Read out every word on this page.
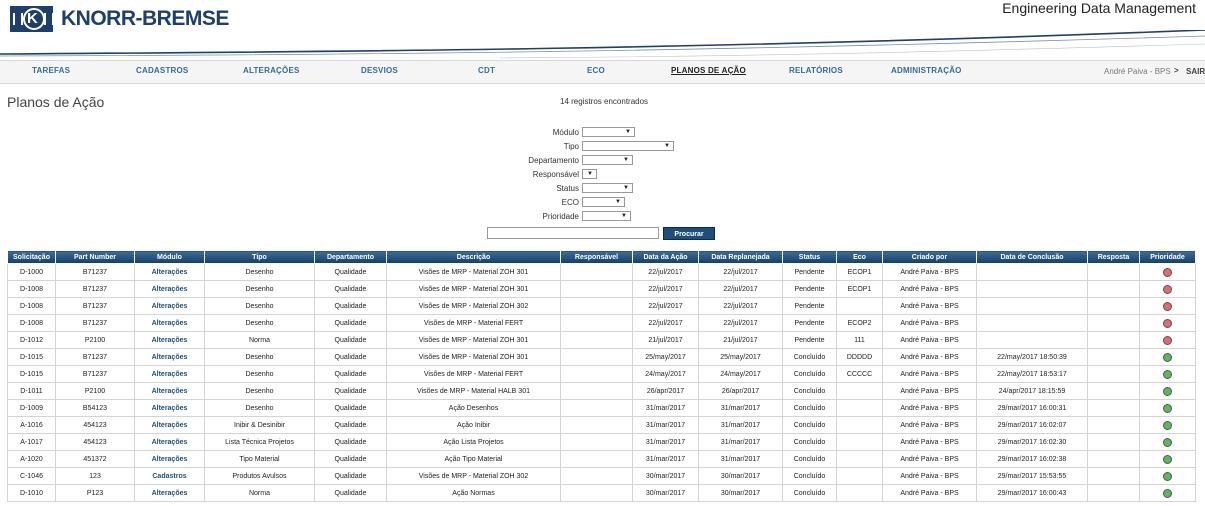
K KNORR-BREMSE	Engineering Data Management
TAREFAS	CADASTROS	ALTERAÇÕES	DESVIOS	CDT	ECO	PLANOS DE AÇÃO	RELATÓRIOS	ADMINISTRAÇÃO	André Paiva - BPS > SAIR
Planos de Ação	14 registros encontrados
Módulo	▼
Tipo	▼
Departamento	▼
Responsável ▼
Status	▼
ECO	▼
Prioridade	▼
Procurar
Solicitação	Part Number	Módulo	Tipo	Departamento	Descrição	Responsável	Data da Ação	Data Replanejada	Status	Eco	Criado por	Data de Conclusão	Resposta	Prioridade
D-1000	B71237	Alterações	Desenho	Qualidade	Visões de MRP - Material ZOH 301		22/jul/2017	22/jul/2017	Pendente	ECOP1	André Paiva - BPS			
D-1008	B71237	Alterações	Desenho	Qualidade	Visões de MRP - Material ZOH 301		22/jul/2017	22/jul/2017	Pendente	ECOP1	André Paiva - BPS			
D-1008	B71237	Alterações	Desenho	Qualidade	Visões de MRP - Material ZOH 302		22/jul/2017	22/jul/2017	Pendente		André Paiva - BPS			
D-1008	B71237	Alterações	Desenho	Qualidade	Visões de MRP - Material FERT		22/jul/2017	22/jul/2017	Pendente	ECOP2	André Paiva - BPS			
D-1012	P2100	Alterações	Norma	Qualidade	Visões de MRP - Material ZOH 301		21/jul/2017	21/jul/2017	Pendente	111	André Paiva - BPS			
D-1015	B71237	Alterações	Desenho	Qualidade	Visões de MRP - Material ZOH 301		25/may/2017	25/may/2017	Concluído	DDDDD	André Paiva - BPS	22/may/2017 18:50:39		
D-1015	B71237	Alterações	Desenho	Qualidade	Visões de MRP - Material FERT		24/may/2017	24/may/2017	Concluído	CCCCC	André Paiva - BPS	22/may/2017 18:53:17		
D-1011	P2100	Alterações	Desenho	Qualidade	Visões de MRP - Material HALB 301		26/apr/2017	26/apr/2017	Concluído		André Paiva - BPS	24/apr/2017 18:15:59		
D-1009	B54123	Alterações	Desenho	Qualidade	Ação Desenhos		31/mar/2017	31/mar/2017	Concluído		André Paiva - BPS	29/mar/2017 16:00:31		
A-1016	454123	Alterações	Inibir & Desinibir	Qualidade	Ação Inibir		31/mar/2017	31/mar/2017	Concluído		André Paiva - BPS	29/mar/2017 16:02:07		
A-1017	454123	Alterações	Lista Técnica Projetos	Qualidade	Ação Lista Projetos		31/mar/2017	31/mar/2017	Concluído		André Paiva - BPS	29/mar/2017 16:02:30		
A-1020	451372	Alterações	Tipo Material	Qualidade	Ação Tipo Material		31/mar/2017	31/mar/2017	Concluído		André Paiva - BPS	29/mar/2017 16:02:38		
C-1046	123	Cadastros	Produtos Avulsos	Qualidade	Visões de MRP - Material ZOH 302		30/mar/2017	30/mar/2017	Concluído		André Paiva - BPS	29/mar/2017 15:53:55		
D-1010	P123	Alterações	Norma	Qualidade	Ação Normas		30/mar/2017	30/mar/2017	Concluído		André Paiva - BPS	29/mar/2017 16:00:43		
